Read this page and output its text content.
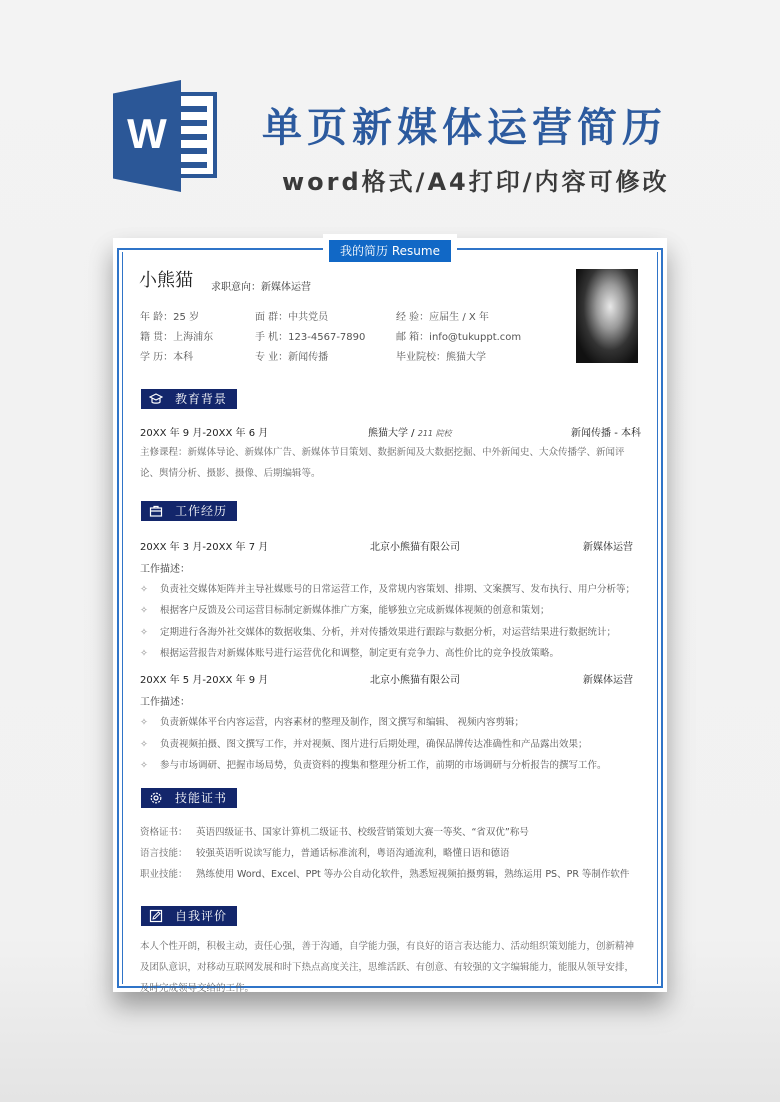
W 单页新媒体运营简历
word格式/A4打印/内容可修改
我的简历 Resume
小熊猫 求职意向：新媒体运营
年 龄：25 岁	面 群：中共党员	经 验：应届生 / X 年
籍 贯：上海浦东	手 机：123-4567-7890	邮 箱：info@tukuppt.com
学 历：本科	专 业：新闻传播	毕业院校：熊猫大学
教育背景
20XX 年 9 月-20XX 年 6 月	熊猫大学 / 211 院校	新闻传播 - 本科
主修课程：新媒体导论、新媒体广告、新媒体节目策划、数据新闻及大数据挖掘、中外新闻史、大众传播学、新闻评论、舆情分析、摄影、摄像、后期编辑等。
工作经历
20XX 年 3 月-20XX 年 7 月	北京小熊猫有限公司	新媒体运营
工作描述：
✧ 负责社交媒体矩阵并主导社媒账号的日常运营工作，及常规内容策划、排期、文案撰写、发布执行、用户分析等；
✧ 根据客户反馈及公司运营目标制定新媒体推广方案，能够独立完成新媒体视频的创意和策划；
✧ 定期进行各海外社交媒体的数据收集、分析，并对传播效果进行跟踪与数据分析，对运营结果进行数据统计；
✧ 根据运营报告对新媒体账号进行运营优化和调整，制定更有竞争力、高性价比的竞争投放策略。
20XX 年 5 月-20XX 年 9 月	北京小熊猫有限公司	新媒体运营
工作描述：
✧ 负责新媒体平台内容运营，内容素材的整理及制作，图文撰写和编辑、 视频内容剪辑；
✧ 负责视频拍摄、图文撰写工作，并对视频、图片进行后期处理，确保品牌传达准确性和产品露出效果；
✧ 参与市场调研、把握市场局势，负责资料的搜集和整理分析工作，前期的市场调研与分析报告的撰写工作。
技能证书
资格证书： 英语四级证书、国家计算机二级证书、校级营销策划大赛一等奖、“省双优”称号
语言技能： 较强英语听说读写能力，普通话标准流利，粤语沟通流利，略懂日语和德语
职业技能： 熟练使用 Word、Excel、PPt 等办公自动化软件，熟悉短视频拍摄剪辑，熟练运用 PS、PR 等制作软件
自我评价
本人个性开朗，积极主动，责任心强，善于沟通，自学能力强，有良好的语言表达能力、活动组织策划能力，创新精神及团队意识，对移动互联网发展和时下热点高度关注，思维活跃、有创意、有较强的文字编辑能力，能服从领导安排，及时完成领导交给的工作。
